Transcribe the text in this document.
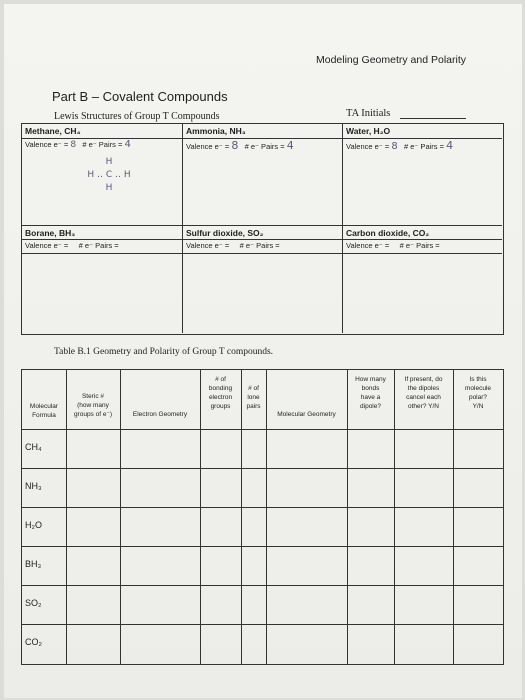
Modeling Geometry and Polarity
Part B – Covalent Compounds
Lewis Structures of Group T Compounds	TA Initials
Methane, CH₄
Valence e⁻ = 8 # e⁻ Pairs = 4
Ammonia, NH₃
Valence e⁻ = 8 # e⁻ Pairs = 4
Water, H₂O
Valence e⁻ = 8 # e⁻ Pairs = 4
H
H ‥ C ‥ H
H
Borane, BH₃
Valence e⁻ = # e⁻ Pairs =
Sulfur dioxide, SO₂
Valence e⁻ = # e⁻ Pairs =
Carbon dioxide, CO₂
Valence e⁻ = # e⁻ Pairs =
Table B.1 Geometry and Polarity of Group T compounds.
Molecular
Formula
Steric #
(how many
groups of e⁻)	Electron Geometry
# of
bonding
electron
groups
# of
lone
pairs
Molecular Geometry
How many
bonds
have a
dipole?
If present, do
the dipoles
cancel each
other? Y/N
Is this
molecule
polar?
Y/N
CH₄
NH₃
H₂O
BH₃
SO₂
CO₂
